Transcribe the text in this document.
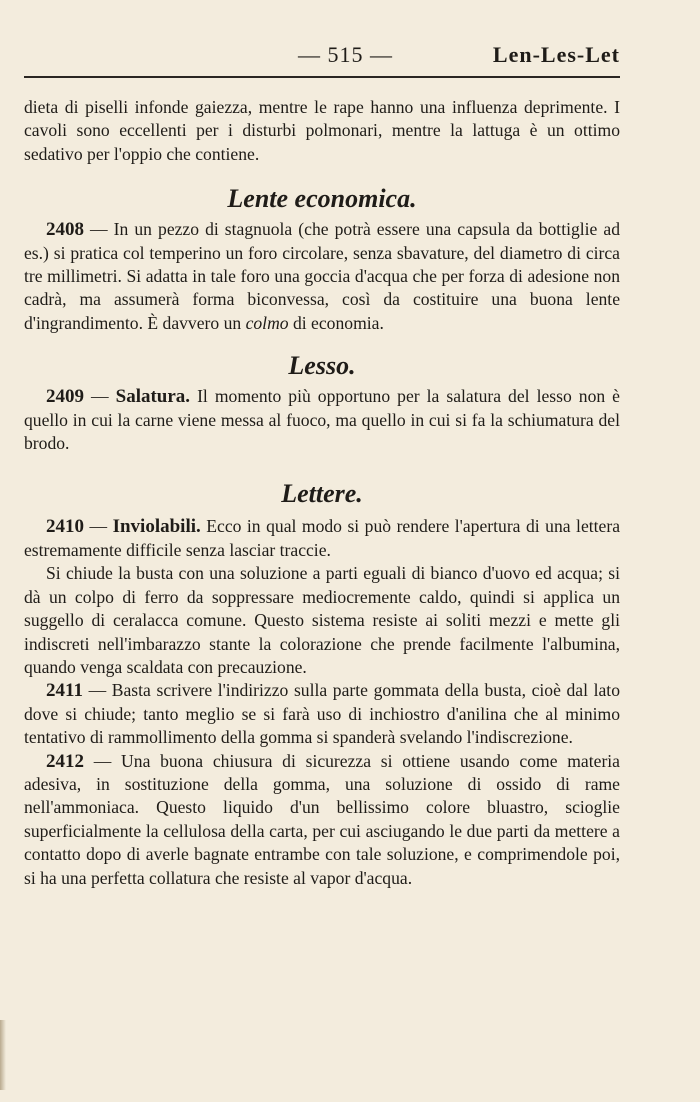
— 515 —	Len-Les-Let

dieta di piselli infonde gaiezza, mentre le rape hanno una influenza deprimente. I cavoli sono eccellenti per i disturbi polmonari, mentre la lattuga è un ottimo sedativo per l'oppio che contiene.

Lente economica.

2408 — In un pezzo di stagnuola (che potrà essere una capsula da bottiglie ad es.) si pratica col temperino un foro circolare, senza sbavature, del diametro di circa tre millimetri. Si adatta in tale foro una goccia d'acqua che per forza di adesione non cadrà, ma assumerà forma biconvessa, così da costituire una buona lente d'ingrandimento. È davvero un colmo di economia.

Lesso.

2409 — Salatura. Il momento più opportuno per la salatura del lesso non è quello in cui la carne viene messa al fuoco, ma quello in cui si fa la schiumatura del brodo.

Lettere.

2410 — Inviolabili. Ecco in qual modo si può rendere l'apertura di una lettera estremamente difficile senza lasciar traccie.

Si chiude la busta con una soluzione a parti eguali di bianco d'uovo ed acqua; si dà un colpo di ferro da soppressare mediocremente caldo, quindi si applica un suggello di ceralacca comune. Questo sistema resiste ai soliti mezzi e mette gli indiscreti nell'imbarazzo stante la colorazione che prende facilmente l'albumina, quando venga scaldata con precauzione.

2411 — Basta scrivere l'indirizzo sulla parte gommata della busta, cioè dal lato dove si chiude; tanto meglio se si farà uso di inchiostro d'anilina che al minimo tentativo di rammollimento della gomma si spanderà svelando l'indiscrezione.

2412 — Una buona chiusura di sicurezza si ottiene usando come materia adesiva, in sostituzione della gomma, una soluzione di ossido di rame nell'ammoniaca. Questo liquido d'un bellissimo colore bluastro, scioglie superficialmente la cellulosa della carta, per cui asciugando le due parti da mettere a contatto dopo di averle bagnate entrambe con tale soluzione, e comprimendole poi, si ha una perfetta collatura che resiste al vapor d'acqua.
